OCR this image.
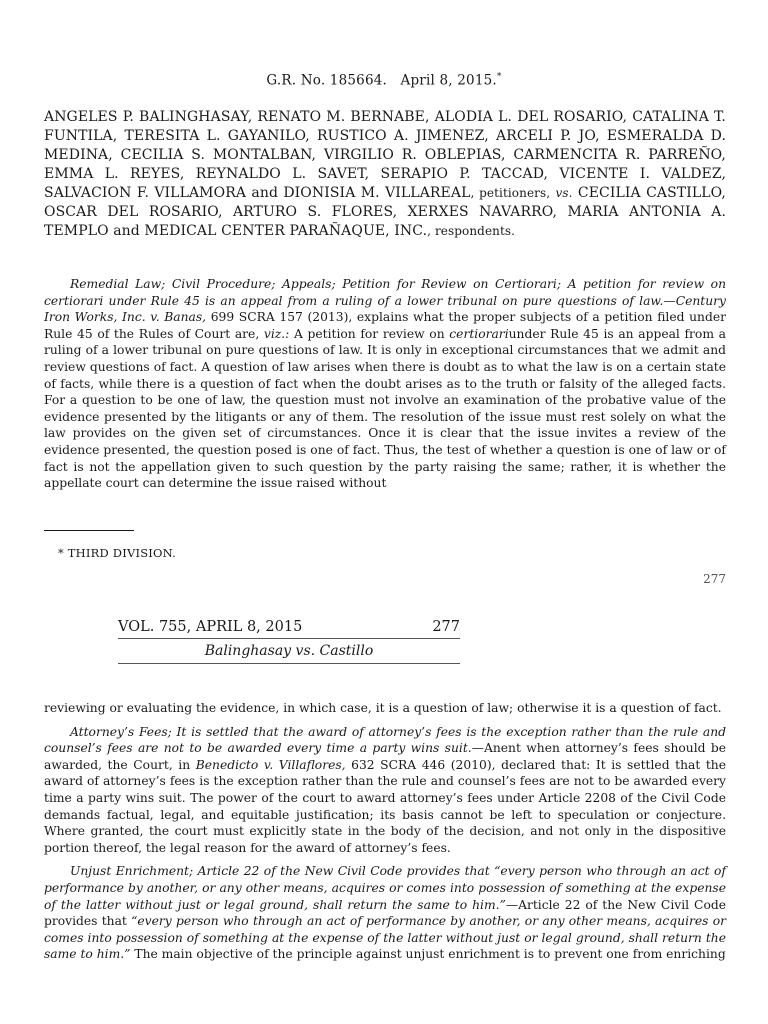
G.R. No. 185664. April 8, 2015.*
ANGELES P. BALINGHASAY, RENATO M. BERNABE, ALODIA L. DEL ROSARIO, CATALINA T. FUNTILA, TERESITA L. GAYANILO, RUSTICO A. JIMENEZ, ARCELI P. JO, ESMERALDA D. MEDINA, CECILIA S. MONTALBAN, VIRGILIO R. OBLEPIAS, CARMENCITA R. PARREÑO, EMMA L. REYES, REYNALDO L. SAVET, SERAPIO P. TACCAD, VICENTE I. VALDEZ, SALVACION F. VILLAMORA and DIONISIA M. VILLAREAL, petitioners, vs. CECILIA CASTILLO, OSCAR DEL ROSARIO, ARTURO S. FLORES, XERXES NAVARRO, MARIA ANTONIA A. TEMPLO and MEDICAL CENTER PARAÑAQUE, INC., respondents.
Remedial Law; Civil Procedure; Appeals; Petition for Review on Certiorari; A petition for review on certiorari under Rule 45 is an appeal from a ruling of a lower tribunal on pure questions of law.—Century Iron Works, Inc. v. Banas, 699 SCRA 157 (2013), explains what the proper subjects of a petition filed under Rule 45 of the Rules of Court are, viz.: A petition for review on certiorariunder Rule 45 is an appeal from a ruling of a lower tribunal on pure questions of law. It is only in exceptional circumstances that we admit and review questions of fact. A question of law arises when there is doubt as to what the law is on a certain state of facts, while there is a question of fact when the doubt arises as to the truth or falsity of the alleged facts. For a question to be one of law, the question must not involve an examination of the probative value of the evidence presented by the litigants or any of them. The resolution of the issue must rest solely on what the law provides on the given set of circumstances. Once it is clear that the issue invites a review of the evidence presented, the question posed is one of fact. Thus, the test of whether a question is one of law or of fact is not the appellation given to such question by the party raising the same; rather, it is whether the appellate court can determine the issue raised without
* THIRD DIVISION.
277
VOL. 755, APRIL 8, 2015	277
Balinghasay vs. Castillo

reviewing or evaluating the evidence, in which case, it is a question of law; otherwise it is a question of fact.

Attorney’s Fees; It is settled that the award of attorney’s fees is the exception rather than the rule and counsel’s fees are not to be awarded every time a party wins suit.—Anent when attorney’s fees should be awarded, the Court, in Benedicto v. Villaflores, 632 SCRA 446 (2010), declared that: It is settled that the award of attorney’s fees is the exception rather than the rule and counsel’s fees are not to be awarded every time a party wins suit. The power of the court to award attorney’s fees under Article 2208 of the Civil Code demands factual, legal, and equitable justification; its basis cannot be left to speculation or conjecture. Where granted, the court must explicitly state in the body of the decision, and not only in the dispositive portion thereof, the legal reason for the award of attorney’s fees.

Unjust Enrichment; Article 22 of the New Civil Code provides that “every person who through an act of performance by another, or any other means, acquires or comes into possession of something at the expense of the latter without just or legal ground, shall return the same to him.”—Article 22 of the New Civil Code provides that “every person who through an act of performance by another, or any other means, acquires or comes into possession of something at the expense of the latter without just or legal ground, shall return the same to him.” The main objective of the principle against unjust enrichment is to prevent one from enriching
